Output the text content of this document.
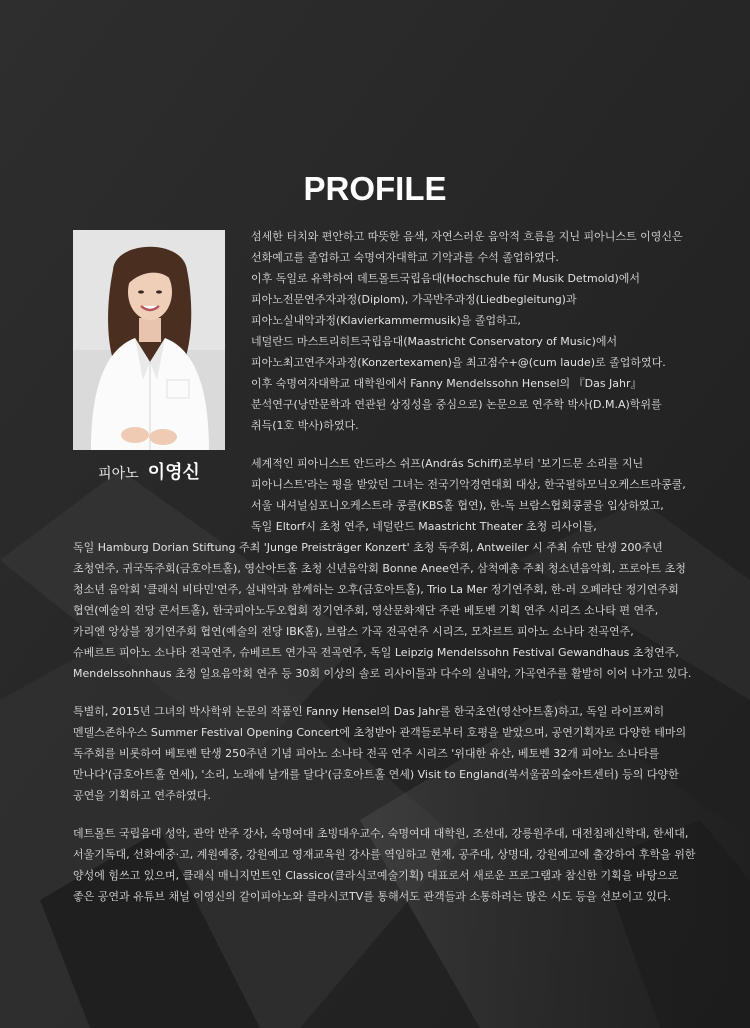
PROFILE
피아노 이영신
섬세한 터치와 편안하고 따뜻한 음색, 자연스러운 음악적 흐름을 지닌 피아니스트 이영신은
선화예고를 졸업하고 숙명여자대학교 기악과를 수석 졸업하였다.
이후 독일로 유학하여 데트몰트국립음대(Hochschule für Musik Detmold)에서
피아노전문연주자과정(Diplom), 가곡반주과정(Liedbegleitung)과
피아노실내악과정(Klavierkammermusik)을 졸업하고,
네덜란드 마스트리히트국립음대(Maastricht Conservatory of Music)에서
피아노최고연주자과정(Konzertexamen)을 최고점수+@(cum laude)로 졸업하였다.
이후 숙명여자대학교 대학원에서 Fanny Mendelssohn Hensel의 『Das Jahr』
분석연구(낭만문학과 연관된 상징성을 중심으로) 논문으로 연주학 박사(D.M.A)학위를
취득(1호 박사)하였다.
세계적인 피아니스트 안드라스 쉬프(András Schiff)로부터 '보기드문 소리를 지닌
피아니스트'라는 평을 받았던 그녀는 전국기악경연대회 대상, 한국필하모닉오케스트라콩쿨,
서울 내셔널심포니오케스트라 콩쿨(KBS홀 협연), 한-독 브람스협회콩쿨을 입상하였고,
독일 Eltorf시 초청 연주, 네덜란드 Maastricht Theater 초청 리사이틀,
독일 Hamburg Dorian Stiftung 주최 'Junge Preisträger Konzert' 초청 독주회, Antweiler 시 주최 슈만 탄생 200주년
초청연주, 귀국독주회(금호아트홀), 영산아트홀 초청 신년음악회 Bonne Anee연주, 삼척예총 주최 청소년음악회, 프로아트 초청
청소년 음악회 '클래식 비타민'연주, 실내악과 함께하는 오후(금호아트홀), Trio La Mer 정기연주회, 한-러 오페라단 정기연주회
협연(예술의 전당 콘서트홀), 한국피아노두오협회 정기연주회, 영산문화재단 주관 베토벤 기획 연주 시리즈 소나타 편 연주,
카리엔 앙상블 정기연주회 협연(예술의 전당 IBK홀), 브람스 가곡 전곡연주 시리즈, 모차르트 피아노 소나타 전곡연주,
슈베르트 피아노 소나타 전곡연주, 슈베르트 연가곡 전곡연주, 독일 Leipzig Mendelssohn Festival Gewandhaus 초청연주,
Mendelssohnhaus 초청 일요음악회 연주 등 30회 이상의 솔로 리사이틀과 다수의 실내악, 가곡연주를 활발히 이어 나가고 있다.
특별히, 2015년 그녀의 박사학위 논문의 작품인 Fanny Hensel의 Das Jahr를 한국초연(영산아트홀)하고, 독일 라이프찌히
멘델스존하우스 Summer Festival Opening Concert에 초청받아 관객들로부터 호평을 받았으며, 공연기획자로 다양한 테마의
독주회를 비롯하여 베토벤 탄생 250주년 기념 피아노 소나타 전곡 연주 시리즈 '위대한 유산, 베토벤 32개 피아노 소나타를
만나다'(금호아트홀 연세), '소리, 노래에 날개를 달다'(금호아트홀 연세) Visit to England(북서울꿈의숲아트센터) 등의 다양한
공연을 기획하고 연주하였다.
데트몰트 국립음대 성악, 관악 반주 강사, 숙명여대 초빙대우교수, 숙명여대 대학원, 조선대, 강릉원주대, 대전침례신학대, 한세대,
서울기독대, 선화예중·고, 계원예중, 강원예고 영재교육원 강사를 역임하고 현재, 공주대, 상명대, 강원예고에 출강하여 후학을 위한
양성에 힘쓰고 있으며, 클래식 매니지먼트인 Classico(클라식코예술기획) 대표로서 새로운 프로그램과 참신한 기획을 바탕으로
좋은 공연과 유튜브 채널 이영신의 같이피아노와 클라시코TV를 통해서도 관객들과 소통하려는 많은 시도 등을 선보이고 있다.
